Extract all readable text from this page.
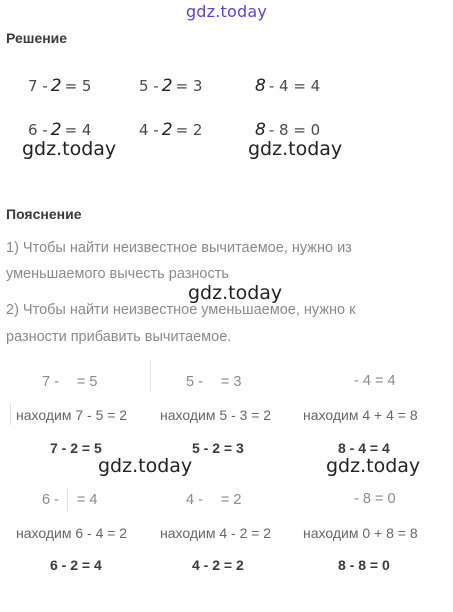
gdz.today
Решение
7 - 2 = 5	5 - 2 = 3	8 - 4 = 4
6 - 2 = 4	4 - 2 = 2	8 - 8 = 0
gdz.today	gdz.today
Пояснение
1) Чтобы найти неизвестное вычитаемое, нужно из
уменьшаемого вычесть разность
2) Чтобы найти неизвестное уменьшаемое, нужно к
разности прибавить вычитаемое.
gdz.today
7 - = 5	5 - = 3	- 4 = 4
находим 7 - 5 = 2 находим 5 - 3 = 2 находим 4 + 4 = 8
7 - 2 = 5	5 - 2 = 3	8 - 4 = 4
gdz.today	gdz.today
6 - = 4	4 - = 2	- 8 = 0
находим 6 - 4 = 2 находим 4 - 2 = 2 находим 0 + 8 = 8
6 - 2 = 4	4 - 2 = 2	8 - 8 = 0
